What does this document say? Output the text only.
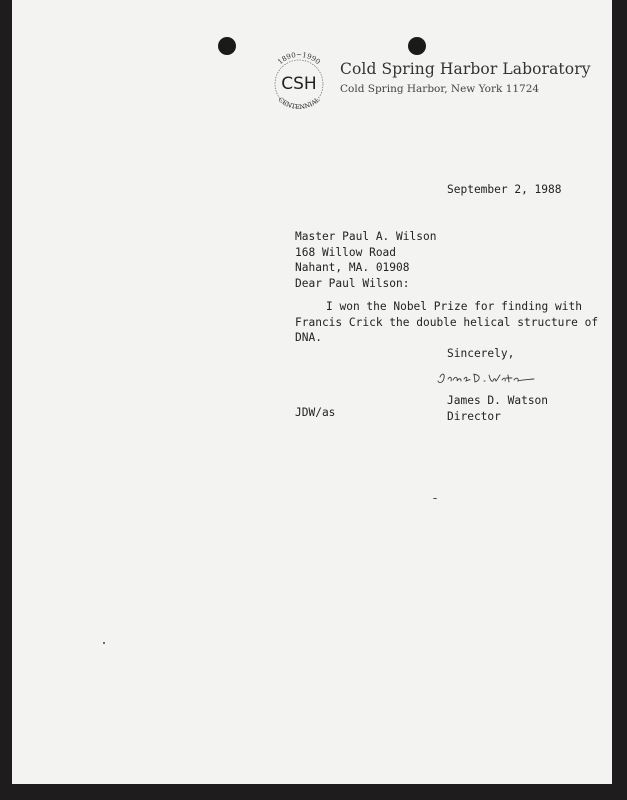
1890~1990
CSH
CENTENNIAL
Cold Spring Harbor Laboratory
Cold Spring Harbor, New York 11724
September 2, 1988
Master Paul A. Wilson
168 Willow Road
Nahant, MA. 01908
Dear Paul Wilson:
I won the Nobel Prize for finding with
Francis Crick the double helical structure of
DNA.
Sincerely,
James D. Watson
Director
JDW/as
